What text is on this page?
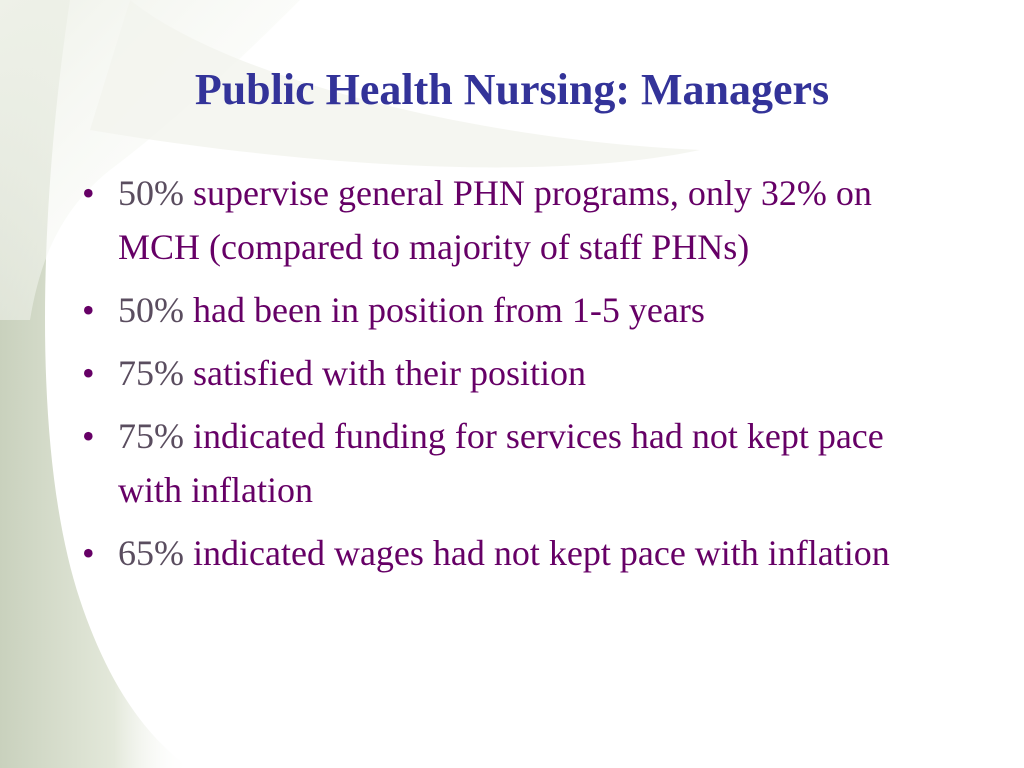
Public Health Nursing: Managers
• 50% supervise general PHN programs, only 32% on MCH (compared to majority of staff PHNs)
• 50% had been in position from 1-5 years
• 75% satisfied with their position
• 75% indicated funding for services had not kept pace with inflation
• 65% indicated wages had not kept pace with inflation
